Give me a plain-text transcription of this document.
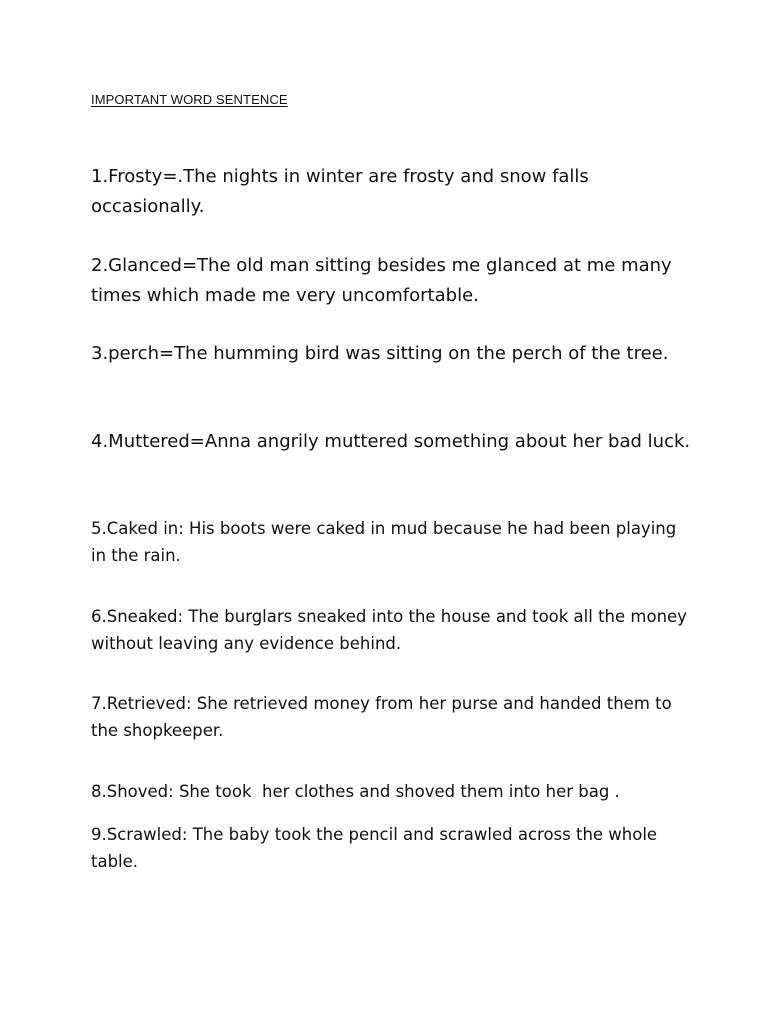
IMPORTANT WORD SENTENCE
1.Frosty=.The nights in winter are frosty and snow falls occasionally.
2.Glanced=The old man sitting besides me glanced at me many times which made me very uncomfortable.
3.perch=The humming bird was sitting on the perch of the tree.
4.Muttered=Anna angrily muttered something about her bad luck.
5.Caked in: His boots were caked in mud because he had been playing in the rain.
6.Sneaked: The burglars sneaked into the house and took all the money without leaving any evidence behind.
7.Retrieved: She retrieved money from her purse and handed them to the shopkeeper.
8.Shoved: She took  her clothes and shoved them into her bag .
9.Scrawled: The baby took the pencil and scrawled across the whole table.
